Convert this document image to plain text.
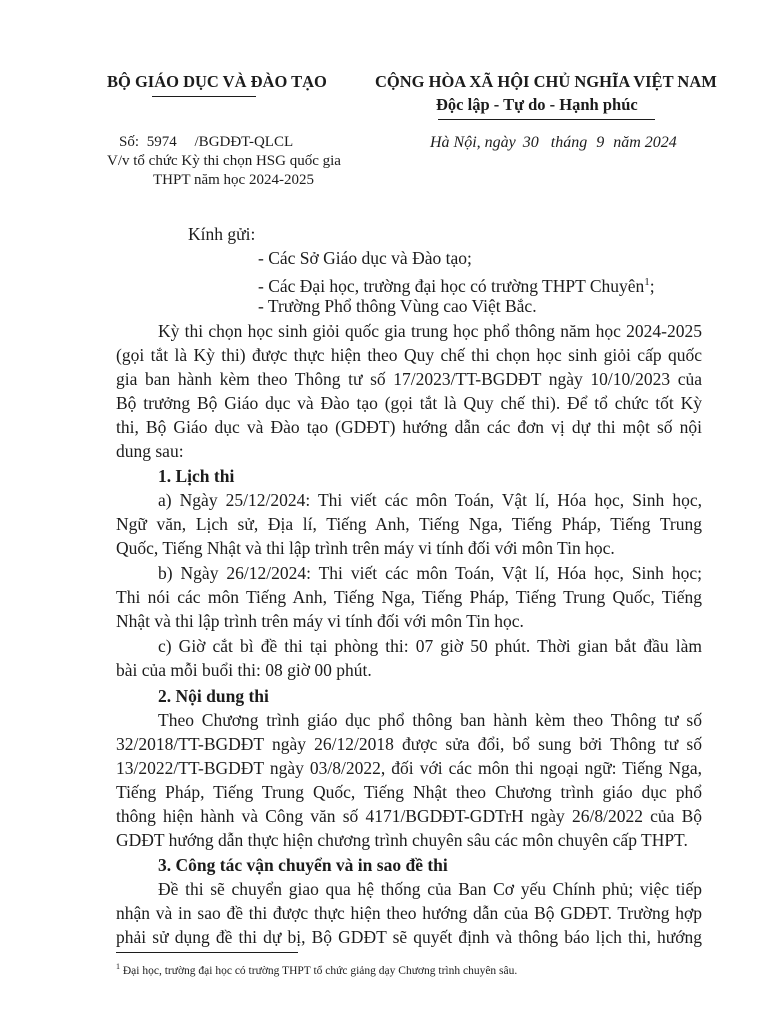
BỘ GIÁO DỤC VÀ ĐÀO TẠO	CỘNG HÒA XÃ HỘI CHỦ NGHĨA VIỆT NAM
Độc lập - Tự do - Hạnh phúc
Số: 5974 /BGDĐT-QLCL
V/v tổ chức Kỳ thi chọn HSG quốc gia
THPT năm học 2024-2025
Hà Nội, ngày 30 tháng 9 năm 2024
Kính gửi:
- Các Sở Giáo dục và Đào tạo;
- Các Đại học, trường đại học có trường THPT Chuyên$^1$;
- Trường Phổ thông Vùng cao Việt Bắc.
Kỳ thi chọn học sinh giỏi quốc gia trung học phổ thông năm học 2024-2025
(gọi tắt là Kỳ thi) được thực hiện theo Quy chế thi chọn học sinh giỏi cấp quốc
gia ban hành kèm theo Thông tư số 17/2023/TT-BGDĐT ngày 10/10/2023 của
Bộ trưởng Bộ Giáo dục và Đào tạo (gọi tắt là Quy chế thi). Để tổ chức tốt Kỳ
thi, Bộ Giáo dục và Đào tạo (GDĐT) hướng dẫn các đơn vị dự thi một số nội
dung sau:
1. Lịch thi
a) Ngày 25/12/2024: Thi viết các môn Toán, Vật lí, Hóa học, Sinh học,
Ngữ văn, Lịch sử, Địa lí, Tiếng Anh, Tiếng Nga, Tiếng Pháp, Tiếng Trung
Quốc, Tiếng Nhật và thi lập trình trên máy vi tính đối với môn Tin học.
b) Ngày 26/12/2024: Thi viết các môn Toán, Vật lí, Hóa học, Sinh học;
Thi nói các môn Tiếng Anh, Tiếng Nga, Tiếng Pháp, Tiếng Trung Quốc, Tiếng
Nhật và thi lập trình trên máy vi tính đối với môn Tin học.
c) Giờ cắt bì đề thi tại phòng thi: 07 giờ 50 phút. Thời gian bắt đầu làm
bài của mỗi buổi thi: 08 giờ 00 phút.
2. Nội dung thi
Theo Chương trình giáo dục phổ thông ban hành kèm theo Thông tư số
32/2018/TT-BGDĐT ngày 26/12/2018 được sửa đổi, bổ sung bởi Thông tư số
13/2022/TT-BGDĐT ngày 03/8/2022, đối với các môn thi ngoại ngữ: Tiếng Nga,
Tiếng Pháp, Tiếng Trung Quốc, Tiếng Nhật theo Chương trình giáo dục phổ
thông hiện hành và Công văn số 4171/BGDĐT-GDTrH ngày 26/8/2022 của Bộ
GDĐT hướng dẫn thực hiện chương trình chuyên sâu các môn chuyên cấp THPT.
3. Công tác vận chuyển và in sao đề thi
Đề thi sẽ chuyển giao qua hệ thống của Ban Cơ yếu Chính phủ; việc tiếp
nhận và in sao đề thi được thực hiện theo hướng dẫn của Bộ GDĐT. Trường hợp
phải sử dụng đề thi dự bị, Bộ GDĐT sẽ quyết định và thông báo lịch thi, hướng
$^1$ Đại học, trường đại học có trường THPT tổ chức giảng dạy Chương trình chuyên sâu.
